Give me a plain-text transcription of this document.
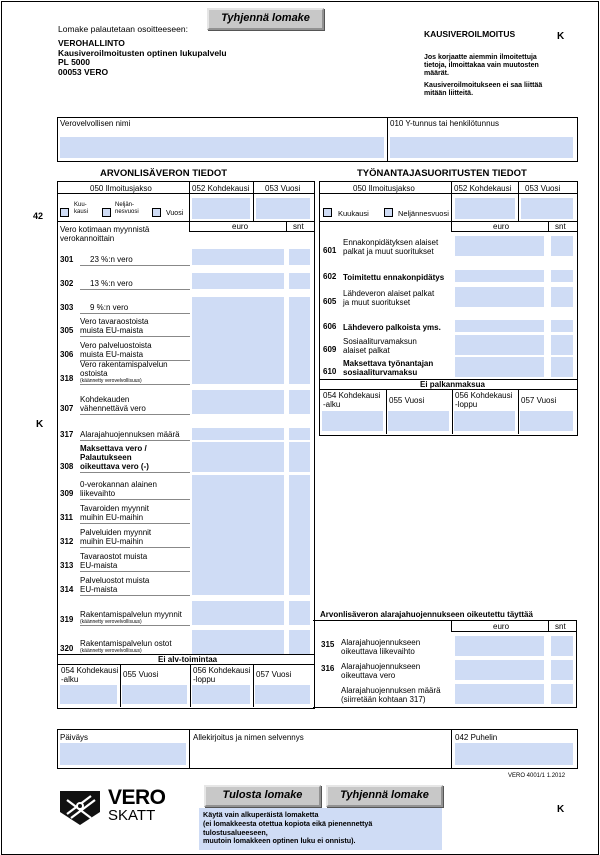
Lomake palautetaan osoitteeseen:
VEROHALLINTO
Kausiveroilmoitusten optinen lukupalvelu
PL 5000
00053 VERO
Tyhjennä lomake
KAUSIVEROILMOITUS	K
Jos korjaatte aiemmin ilmoitettuja
tietoja, ilmoittakaa vain muutosten
määrät.
Kausiveroilmoitukseen ei saa liittää
mitään liitteitä.
Verovelvollisen nimi	010 Y-tunnus tai henkilötunnus
42
K
ARVONLISÄVERON TIEDOT
050 Ilmoitusjakso	052 Kohdekausi 053 Vuosi
Kuu-
kausi
Neljän-
nesvuosi	Vuosi
euro	snt
Vero kotimaan myynnistä
verokannoittain
301 23 %:n vero
302 13 %:n vero
303 9 %:n vero
305
Vero tavaraostoista
muista EU-maista
306
Vero palveluostoista
muista EU-maista
318
Vero rakentamispalvelun
ostoista
(käännetty verovelvollisuus)
307
Kohdekauden
vähennettävä vero
317 Alarajahuojennuksen määrä
308
Maksettava vero /
Palautukseen
oikeuttava vero (-)
309
0-verokannan alainen
liikevaihto
311
Tavaroiden myynnit
muihin EU-maihin
312
Palveluiden myynnit
muihin EU-maihin
313
Tavaraostot muista
EU-maista
314
Palveluostot muista
EU-maista
319
Rakentamispalvelun myynnit
(käännetty verovelvollisuus)
320
Rakentamispalvelun ostot
(käännetty verovelvollisuus)
Ei alv-toimintaa
054 Kohdekausi
-alku
055 Vuosi	056 Kohdekausi
-loppu
057 Vuosi
TYÖNANTAJASUORITUSTEN TIEDOT
050 Ilmoitusjakso	052 Kohdekausi 053 Vuosi
Kuukausi	Neljännesvuosi
euro	snt
601
Ennakonpidätyksen alaiset
palkat ja muut suoritukset
602 Toimitettu ennakonpidätys
605
Lähdeveron alaiset palkat
ja muut suoritukset
606 Lähdevero palkoista yms.
609
Sosiaaliturvamaksun
alaiset palkat
610
Maksettava työnantajan
sosiaaliturvamaksu
Ei palkanmaksua
054 Kohdekausi
-alku	055 Vuosi
056 Kohdekausi
-loppu	057 Vuosi
Arvonlisäveron alarajahuojennukseen oikeutettu täyttää
euro	snt
315 Alarajahuojennukseen
oikeuttava liikevaihto
316 Alarajahuojennukseen
oikeuttava vero
Alarajahuojennuksen määrä
(siirretään kohtaan 317)
Päiväys	Allekirjoitus ja nimen selvennys	042 Puhelin
VERO 4001/1 1.2012
VERO
SKATT
Tulosta lomake	Tyhjennä lomake
Käytä vain alkuperäistä lomaketta
(ei lomakkeesta otettua kopiota eikä pienennettyä
tulostusalueeseen,
muutoin lomakkeen optinen luku ei onnistu).
K
